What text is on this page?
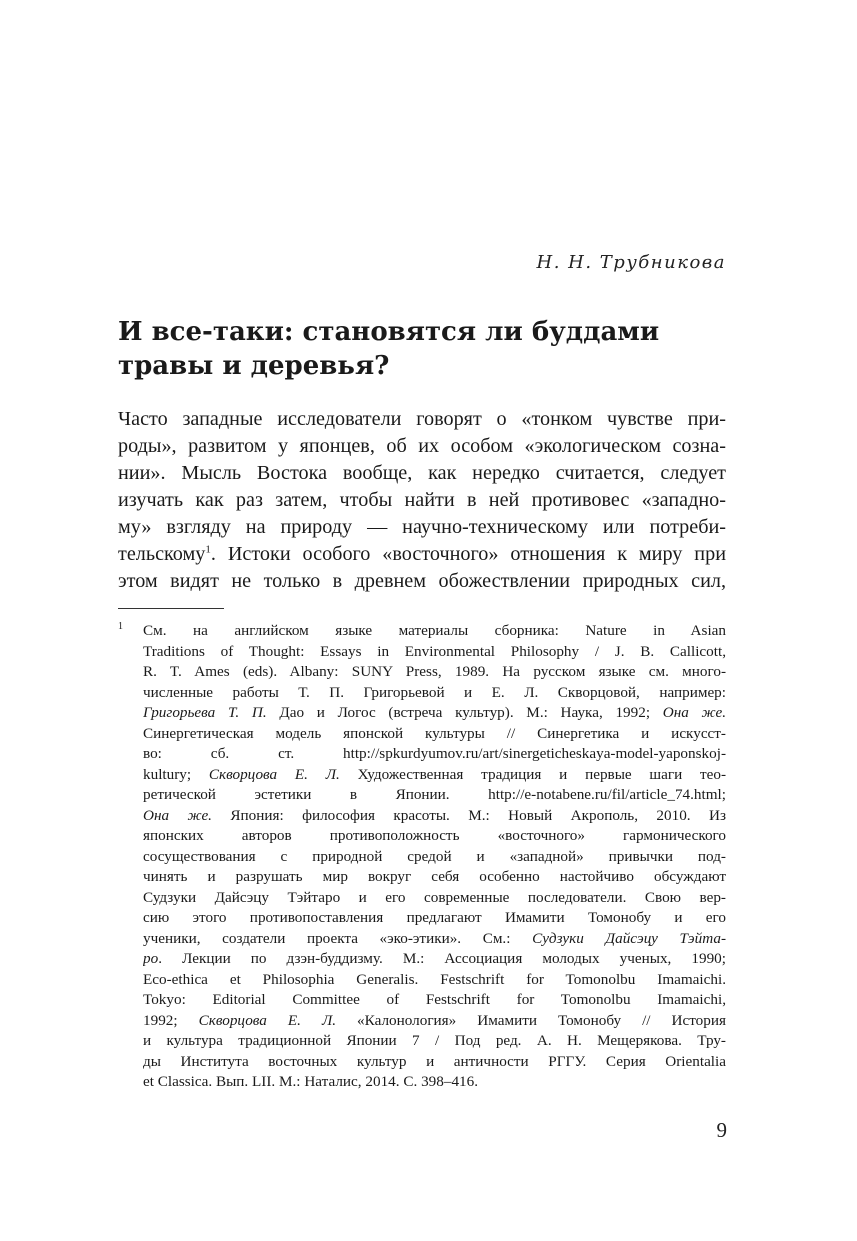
Н. Н. Трубникова
И все-таки: становятся ли буддами
травы и деревья?
Часто западные исследователи говорят о «тонком чувстве при-
роды», развитом у японцев, об их особом «экологическом созна-
нии». Мысль Востока вообще, как нередко считается, следует
изучать как раз затем, чтобы найти в ней противовес «западно-
му» взгляду на природу — научно-техническому или потреби-
тельскому$^1$. Истоки особого «восточного» отношения к миру при
этом видят не только в древнем обожествлении природных сил,
1 См. на английском языке материалы сборника: Nature in Asian
Traditions of Thought: Essays in Environmental Philosophy / J. B. Callicott,
R. T. Ames (eds). Albany: SUNY Press, 1989. На русском языке см. много-
численные работы Т. П. Григорьевой и Е. Л. Скворцовой, например:
Григорьева Т. П. Дао и Логос (встреча культур). М.: Наука, 1992; Она же.
Синергетическая модель японской культуры // Синергетика и искусст-
во: сб. ст. http://spkurdyumov.ru/art/sinergeticheskaya-model-yaponskoj-
kultury; Скворцова Е. Л. Художественная традиция и первые шаги тео-
ретической эстетики в Японии. http://e-notabene.ru/fil/article_74.html;
Она же. Япония: философия красоты. М.: Новый Акрополь, 2010. Из
японских авторов противоположность «восточного» гармонического
сосуществования с природной средой и «западной» привычки под-
чинять и разрушать мир вокруг себя особенно настойчиво обсуждают
Судзуки Дайсэцу Тэйтаро и его современные последователи. Свою вер-
сию этого противопоставления предлагают Имамити Томонобу и его
ученики, создатели проекта «эко-этики». См.: Судзуки Дайсэцу Тэйта-
ро. Лекции по дзэн-буддизму. М.: Ассоциация молодых ученых, 1990;
Eco-ethica et Philosophia Generalis. Festschrift for Tomonolbu Imamaichi.
Tokyo: Editorial Committee of Festschrift for Tomonolbu Imamaichi,
1992; Скворцова Е. Л. «Калонология» Имамити Томонобу // История
и культура традиционной Японии 7 / Под ред. А. Н. Мещерякова. Тру-
ды Института восточных культур и античности РГГУ. Серия Orientalia
et Classica. Вып. LII. М.: Наталис, 2014. С. 398–416.
9
